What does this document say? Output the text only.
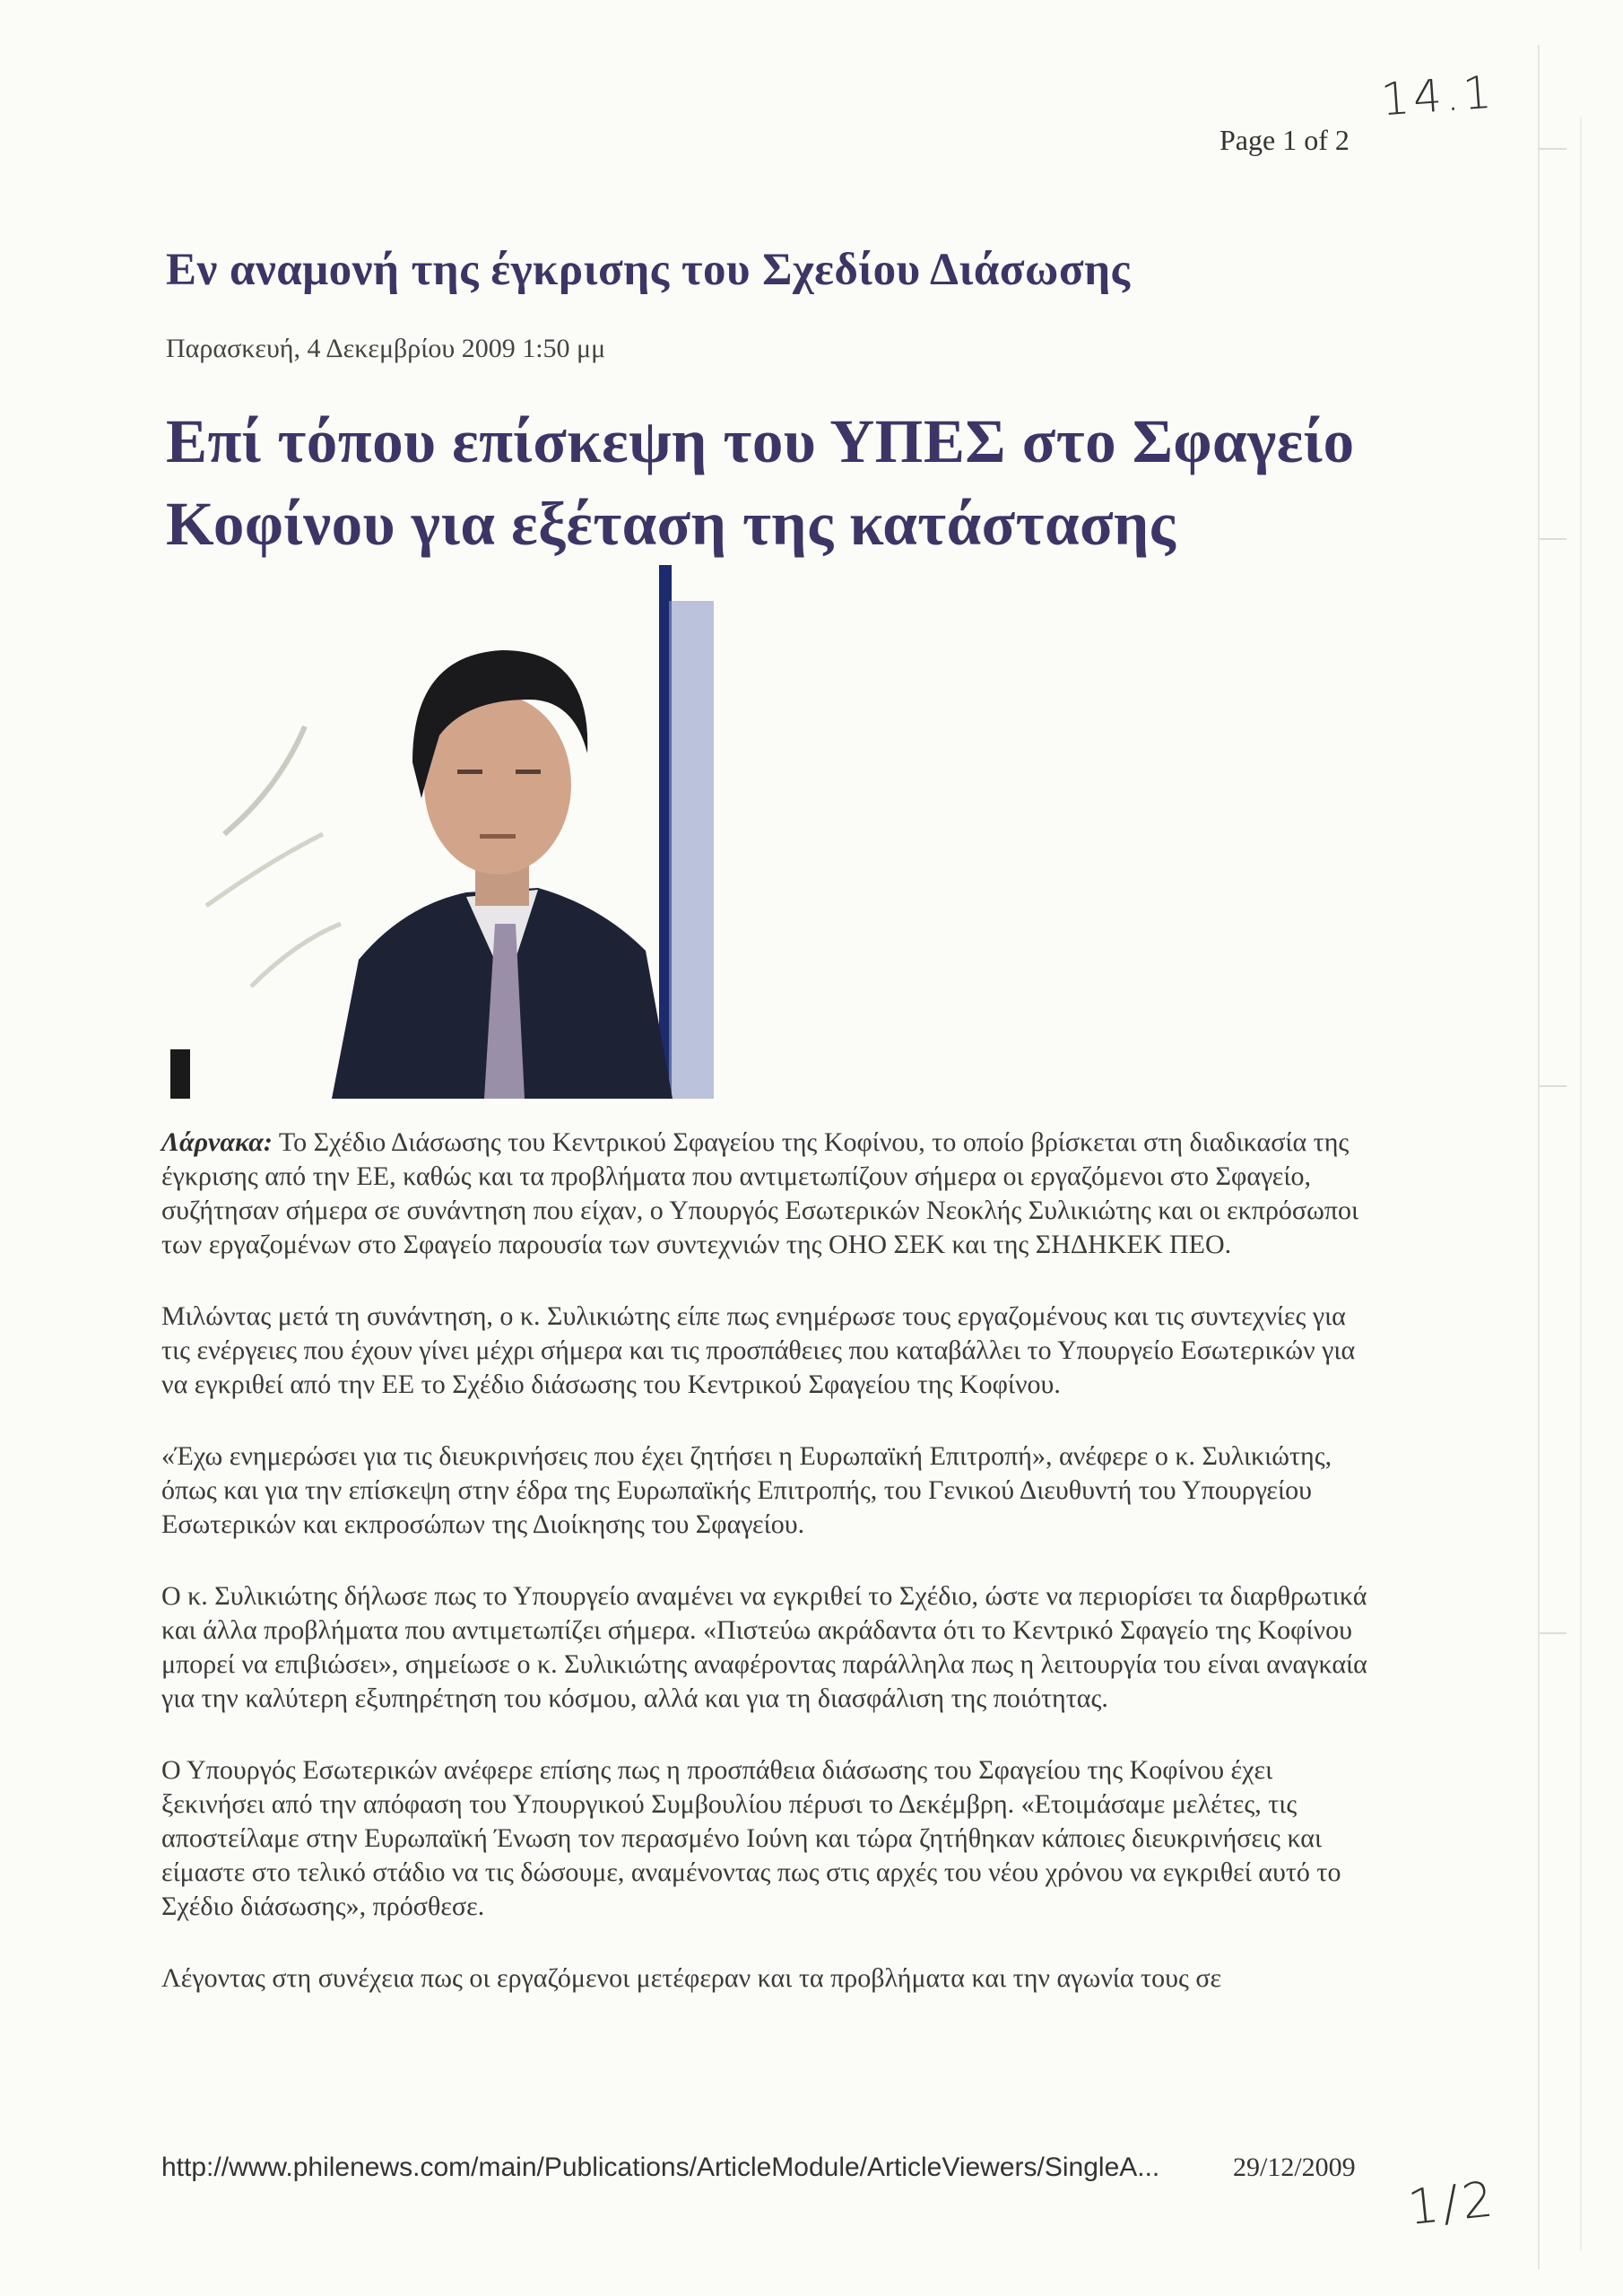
14.1
Page 1 of 2
Εν αναμονή της έγκρισης του Σχεδίου Διάσωσης
Παρασκευή, 4 Δεκεμβρίου 2009 1:50 μμ
Επί τόπου επίσκεψη του ΥΠΕΣ στο Σφαγείο Κοφίνου για εξέταση της κατάστασης

Λάρνακα: Το Σχέδιο Διάσωσης του Κεντρικού Σφαγείου της Κοφίνου, το οποίο βρίσκεται στη διαδικασία της έγκρισης από την ΕΕ, καθώς και τα προβλήματα που αντιμετωπίζουν σήμερα οι εργαζόμενοι στο Σφαγείο, συζήτησαν σήμερα σε συνάντηση που είχαν, ο Υπουργός Εσωτερικών Νεοκλής Συλικιώτης και οι εκπρόσωποι των εργαζομένων στο Σφαγείο παρουσία των συντεχνιών της ΟΗΟ ΣΕΚ και της ΣΗΔΗΚΕΚ ΠΕΟ.

Μιλώντας μετά τη συνάντηση, ο κ. Συλικιώτης είπε πως ενημέρωσε τους εργαζομένους και τις συντεχνίες για τις ενέργειες που έχουν γίνει μέχρι σήμερα και τις προσπάθειες που καταβάλλει το Υπουργείο Εσωτερικών για να εγκριθεί από την ΕΕ το Σχέδιο διάσωσης του Κεντρικού Σφαγείου της Κοφίνου.

«Έχω ενημερώσει για τις διευκρινήσεις που έχει ζητήσει η Ευρωπαϊκή Επιτροπή», ανέφερε ο κ. Συλικιώτης, όπως και για την επίσκεψη στην έδρα της Ευρωπαϊκής Επιτροπής, του Γενικού Διευθυντή του Υπουργείου Εσωτερικών και εκπροσώπων της Διοίκησης του Σφαγείου.

Ο κ. Συλικιώτης δήλωσε πως το Υπουργείο αναμένει να εγκριθεί το Σχέδιο, ώστε να περιορίσει τα διαρθρωτικά και άλλα προβλήματα που αντιμετωπίζει σήμερα. «Πιστεύω ακράδαντα ότι το Κεντρικό Σφαγείο της Κοφίνου μπορεί να επιβιώσει», σημείωσε ο κ. Συλικιώτης αναφέροντας παράλληλα πως η λειτουργία του είναι αναγκαία για την καλύτερη εξυπηρέτηση του κόσμου, αλλά και για τη διασφάλιση της ποιότητας.

Ο Υπουργός Εσωτερικών ανέφερε επίσης πως η προσπάθεια διάσωσης του Σφαγείου της Κοφίνου έχει ξεκινήσει από την απόφαση του Υπουργικού Συμβουλίου πέρυσι το Δεκέμβρη. «Ετοιμάσαμε μελέτες, τις αποστείλαμε στην Ευρωπαϊκή Ένωση τον περασμένο Ιούνη και τώρα ζητήθηκαν κάποιες διευκρινήσεις και είμαστε στο τελικό στάδιο να τις δώσουμε, αναμένοντας πως στις αρχές του νέου χρόνου να εγκριθεί αυτό το Σχέδιο διάσωσης», πρόσθεσε.

Λέγοντας στη συνέχεια πως οι εργαζόμενοι μετέφεραν και τα προβλήματα και την αγωνία τους σε

http://www.philenews.com/main/Publications/ArticleModule/ArticleViewers/SingleA...	29/12/2009
1/2
